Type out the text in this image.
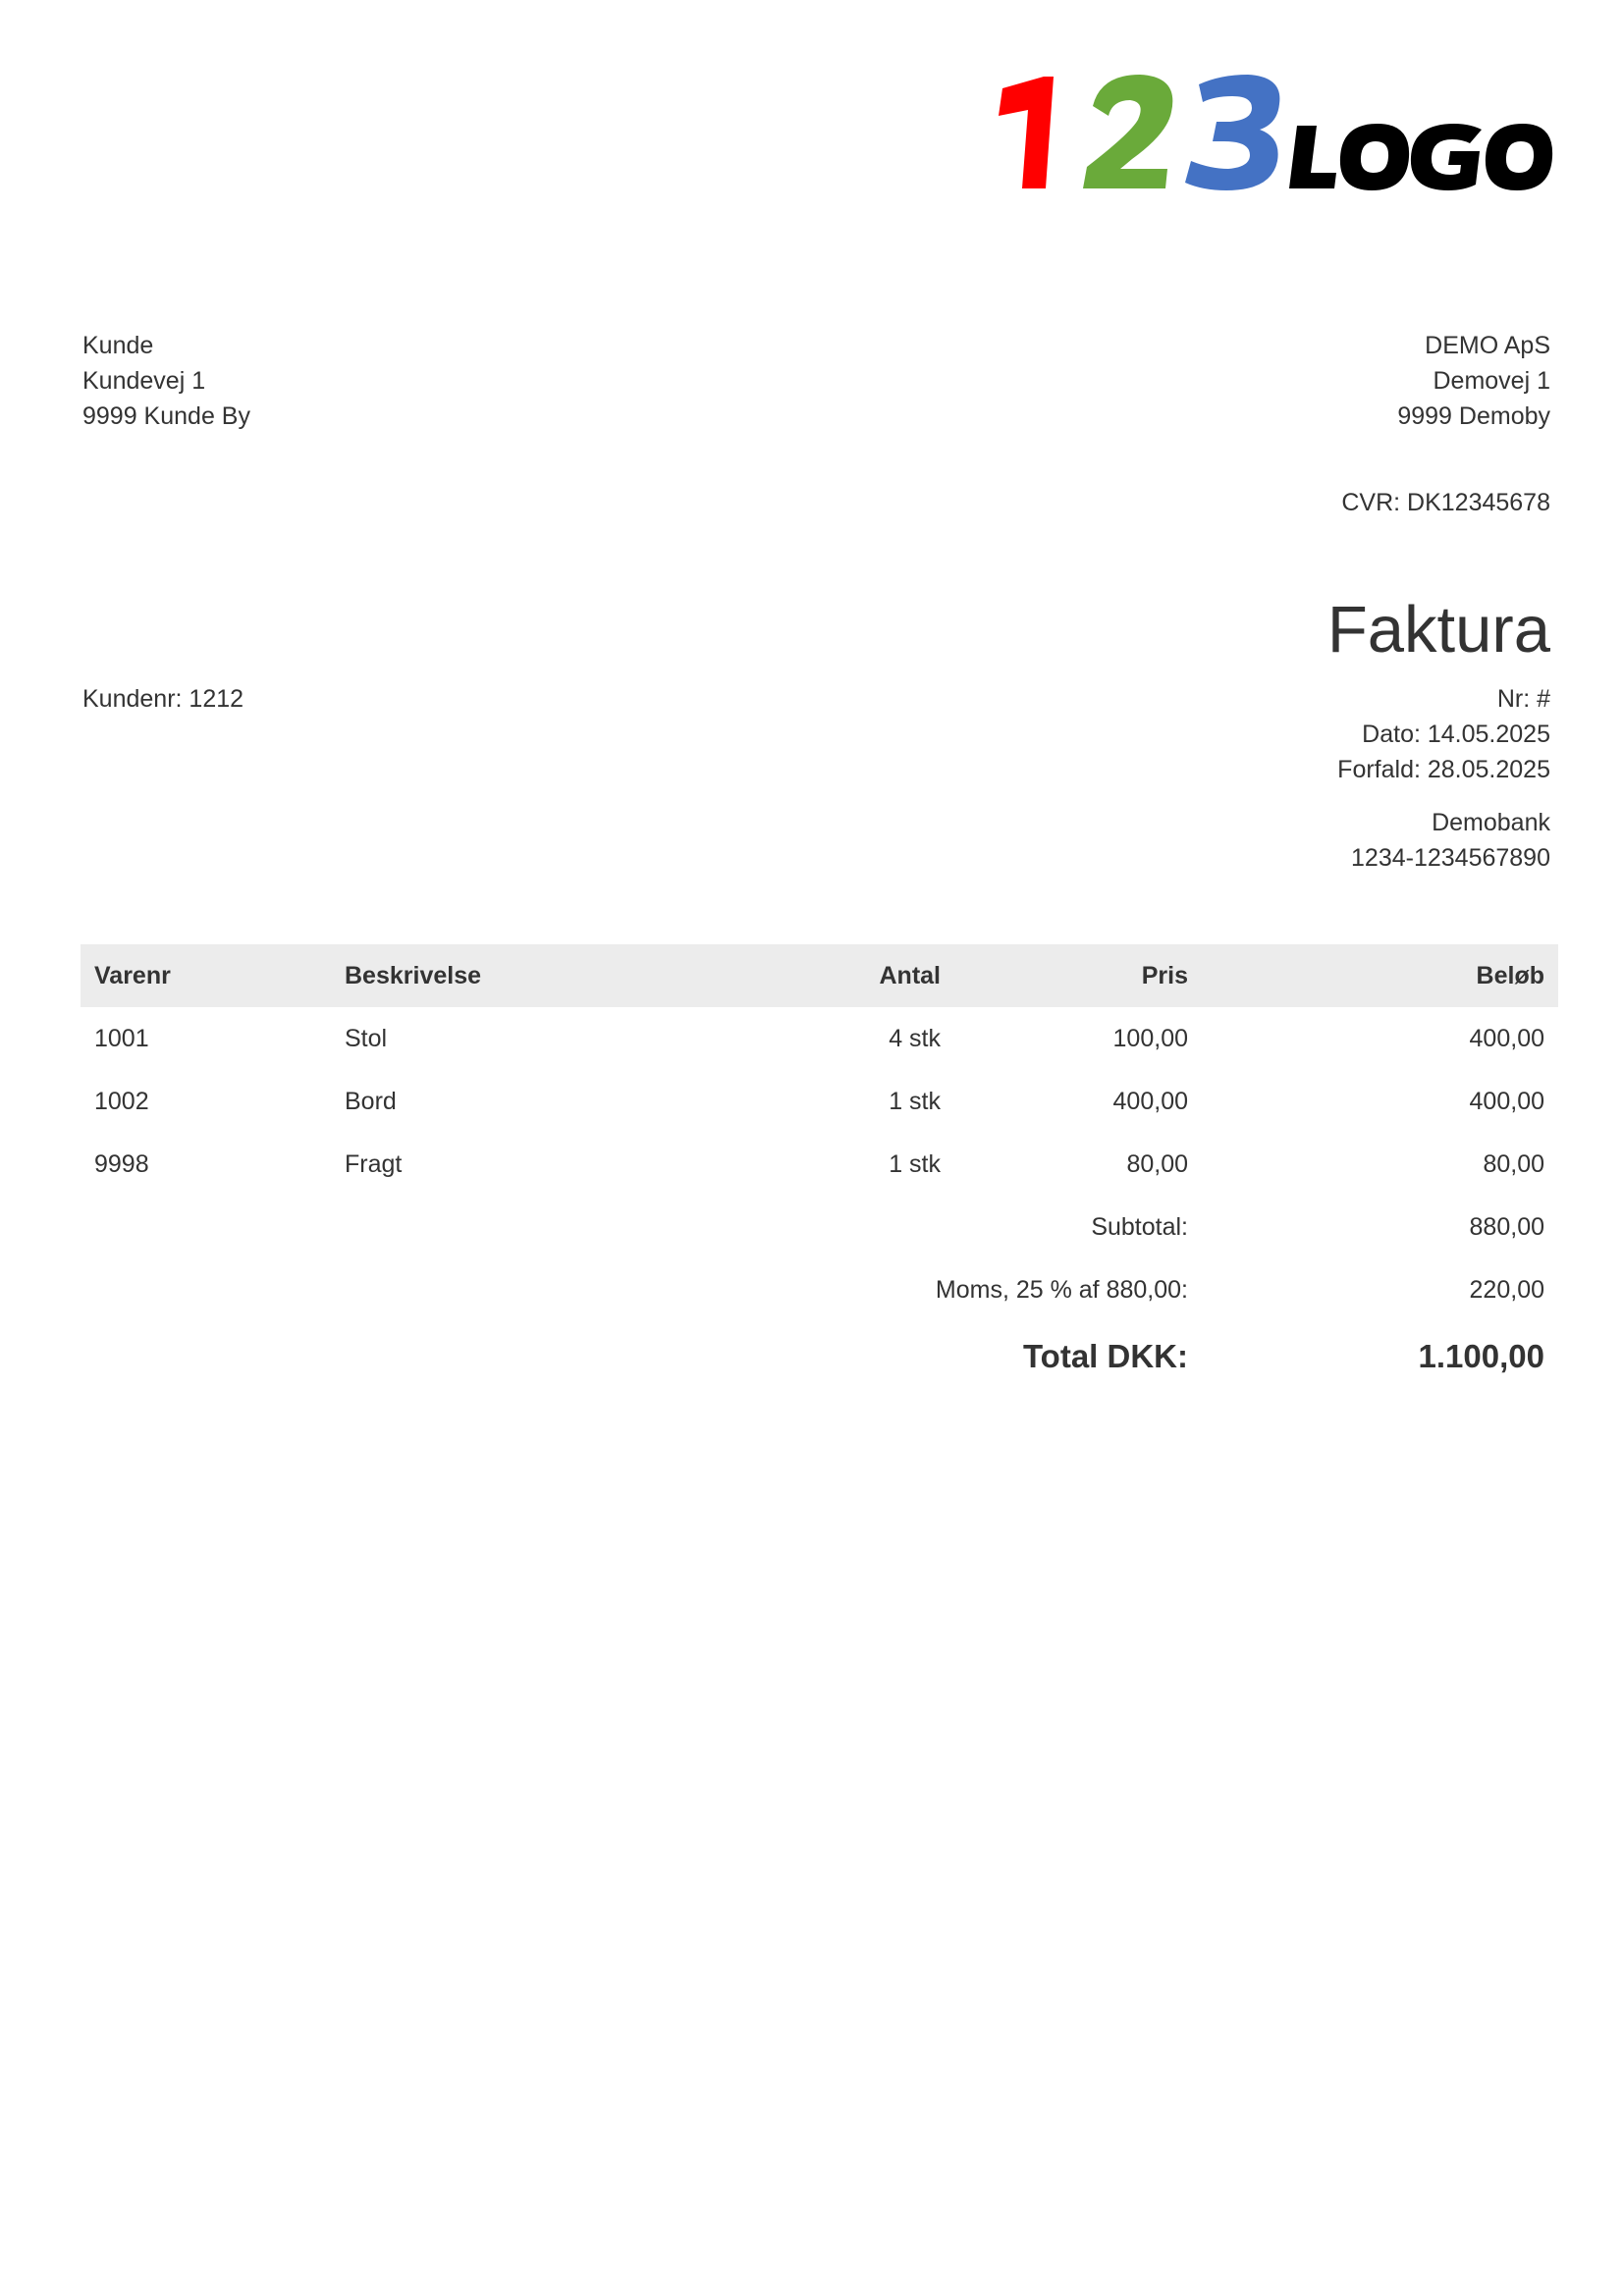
Kunde
Kundevej 1
9999 Kunde By
DEMO ApS
Demovej 1
9999 Demoby
CVR: DK12345678
Faktura
Kundenr: 1212	Nr: #
Dato: 14.05.2025
Forfald: 28.05.2025
Demobank
1234-1234567890
Varenr	Beskrivelse	Antal	Pris	Beløb
1001	Stol	4 stk	100,00	400,00
1002	Bord	1 stk	400,00	400,00
9998	Fragt	1 stk	80,00	80,00
		Subtotal:		880,00
		Moms, 25 % af 880,00:		220,00
		Total DKK:		1.100,00
